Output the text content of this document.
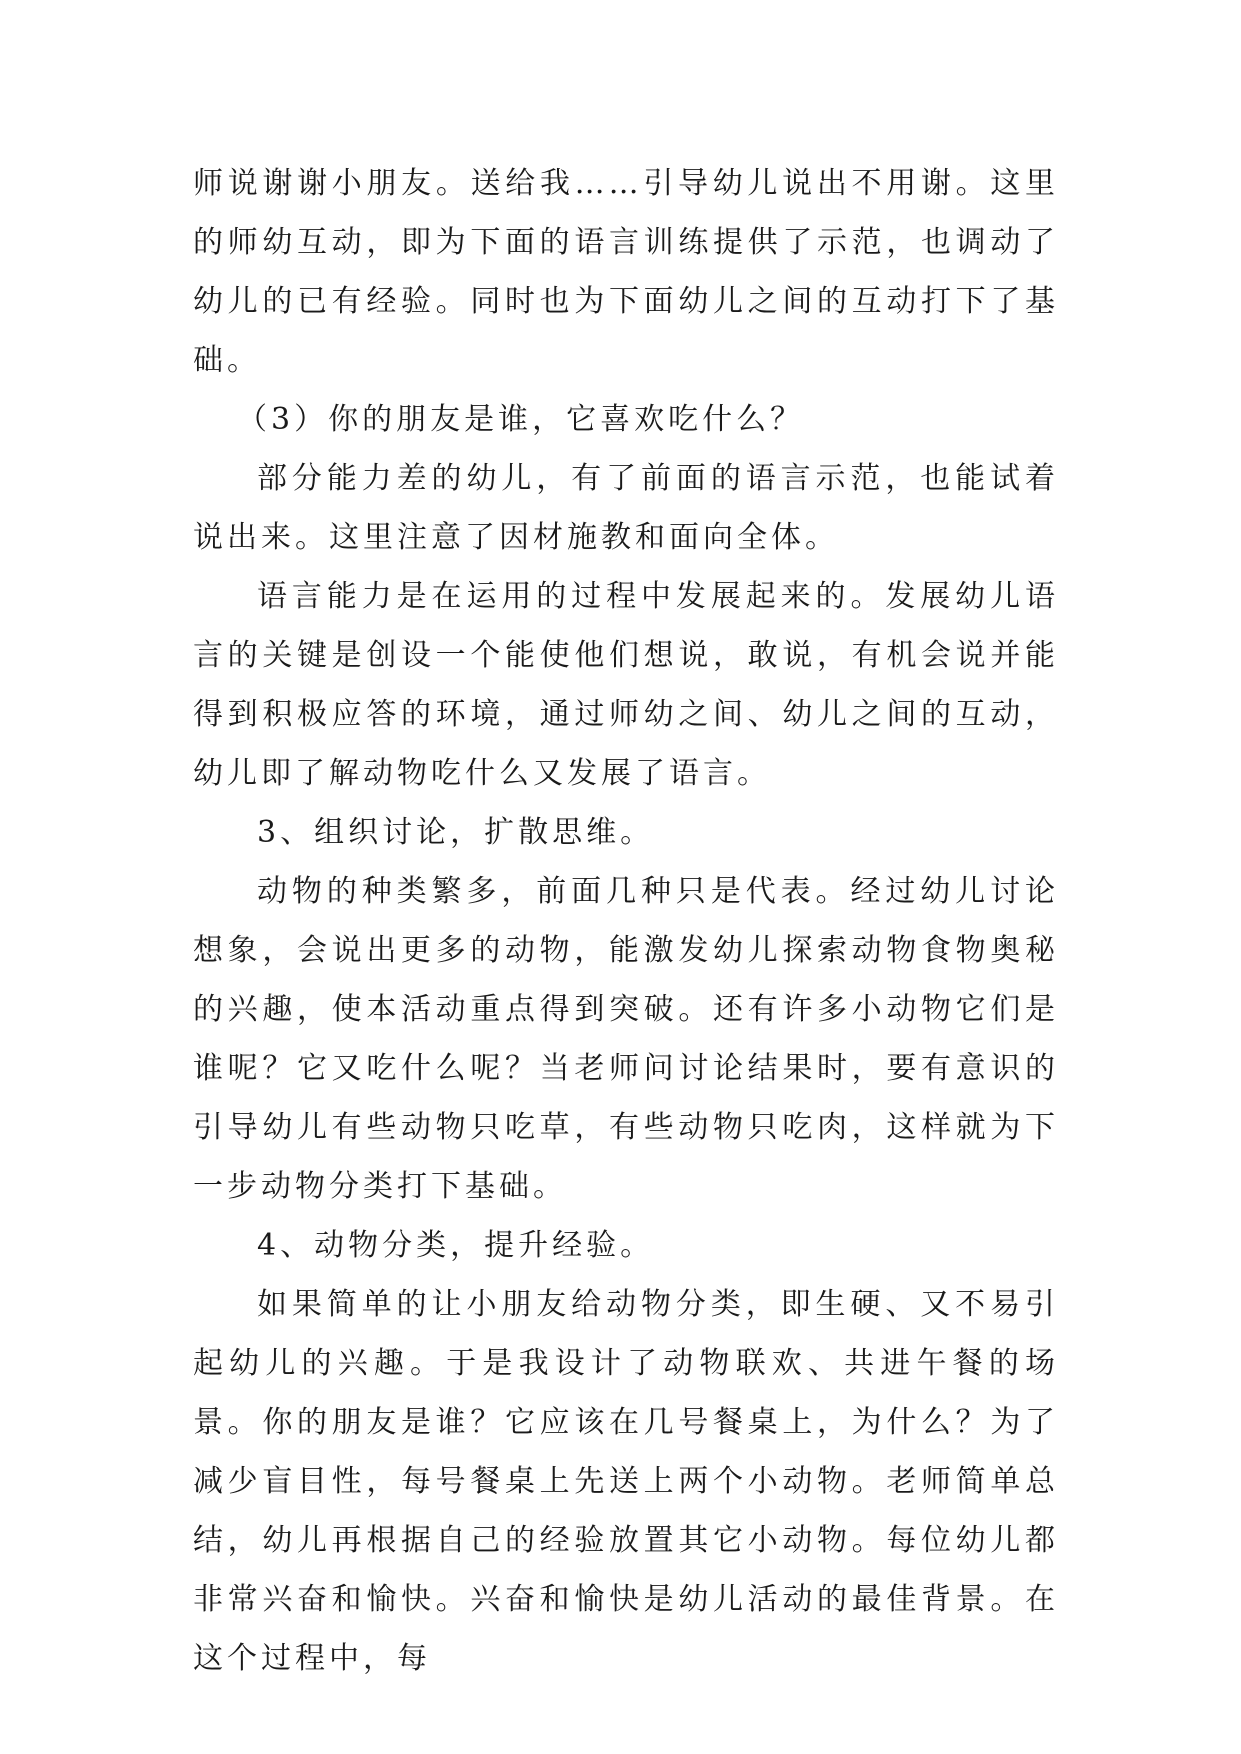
师说谢谢小朋友。送给我……引导幼儿说出不用谢。这里的师幼互动，即为下面的语言训练提供了示范，也调动了幼儿的已有经验。同时也为下面幼儿之间的互动打下了基础。

（3）你的朋友是谁，它喜欢吃什么？

部分能力差的幼儿，有了前面的语言示范，也能试着说出来。这里注意了因材施教和面向全体。

语言能力是在运用的过程中发展起来的。发展幼儿语言的关键是创设一个能使他们想说，敢说，有机会说并能得到积极应答的环境，通过师幼之间、幼儿之间的互动，幼儿即了解动物吃什么又发展了语言。

3、组织讨论，扩散思维。

动物的种类繁多，前面几种只是代表。经过幼儿讨论想象，会说出更多的动物，能激发幼儿探索动物食物奥秘的兴趣，使本活动重点得到突破。还有许多小动物它们是谁呢？它又吃什么呢？当老师问讨论结果时，要有意识的引导幼儿有些动物只吃草，有些动物只吃肉，这样就为下一步动物分类打下基础。

4、动物分类，提升经验。

如果简单的让小朋友给动物分类，即生硬、又不易引起幼儿的兴趣。于是我设计了动物联欢、共进午餐的场景。你的朋友是谁？它应该在几号餐桌上，为什么？为了减少盲目性，每号餐桌上先送上两个小动物。老师简单总结，幼儿再根据自己的经验放置其它小动物。每位幼儿都非常兴奋和愉快。兴奋和愉快是幼儿活动的最佳背景。在这个过程中，每
